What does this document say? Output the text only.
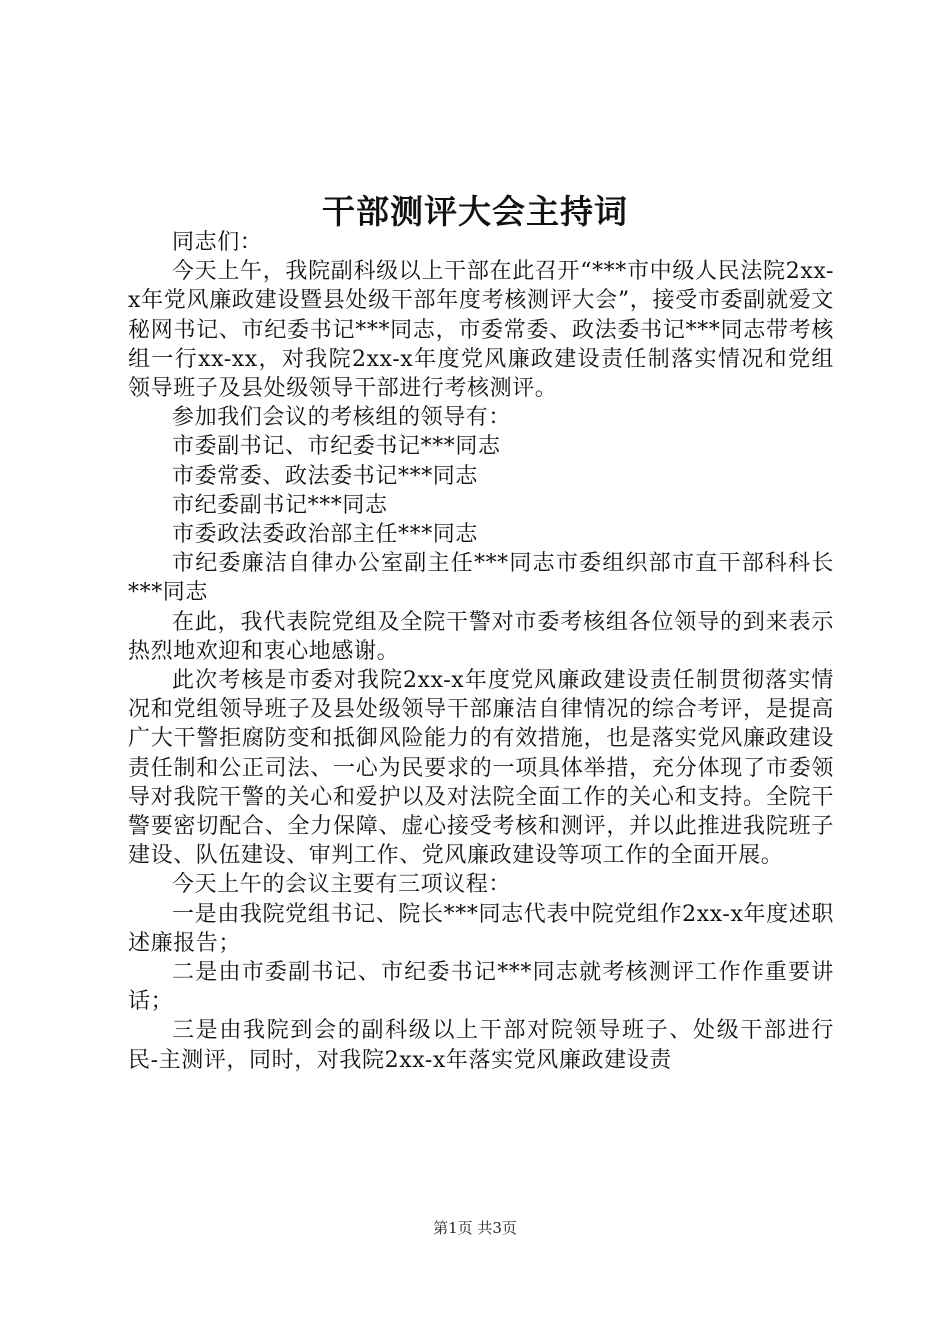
干部测评大会主持词

同志们：

今天上午，我院副科级以上干部在此召开“***市中级人民法院2xx-x年党风廉政建设暨县处级干部年度考核测评大会”，接受市委副就爱文秘网书记、市纪委书记***同志，市委常委、政法委书记***同志带考核组一行xx-xx，对我院2xx-x年度党风廉政建设责任制落实情况和党组领导班子及县处级领导干部进行考核测评。

参加我们会议的考核组的领导有：

市委副书记、市纪委书记***同志

市委常委、政法委书记***同志

市纪委副书记***同志

市委政法委政治部主任***同志

市纪委廉洁自律办公室副主任***同志市委组织部市直干部科科长***同志

在此，我代表院党组及全院干警对市委考核组各位领导的到来表示热烈地欢迎和衷心地感谢。

此次考核是市委对我院2xx-x年度党风廉政建设责任制贯彻落实情况和党组领导班子及县处级领导干部廉洁自律情况的综合考评，是提高广大干警拒腐防变和抵御风险能力的有效措施，也是落实党风廉政建设责任制和公正司法、一心为民要求的一项具体举措，充分体现了市委领导对我院干警的关心和爱护以及对法院全面工作的关心和支持。全院干警要密切配合、全力保障、虚心接受考核和测评，并以此推进我院班子建设、队伍建设、审判工作、党风廉政建设等项工作的全面开展。

今天上午的会议主要有三项议程：

一是由我院党组书记、院长***同志代表中院党组作2xx-x年度述职述廉报告；

二是由市委副书记、市纪委书记***同志就考核测评工作作重要讲话；

三是由我院到会的副科级以上干部对院领导班子、处级干部进行民-主测评，同时，对我院2xx-x年落实党风廉政建设责

第1页 共3页
